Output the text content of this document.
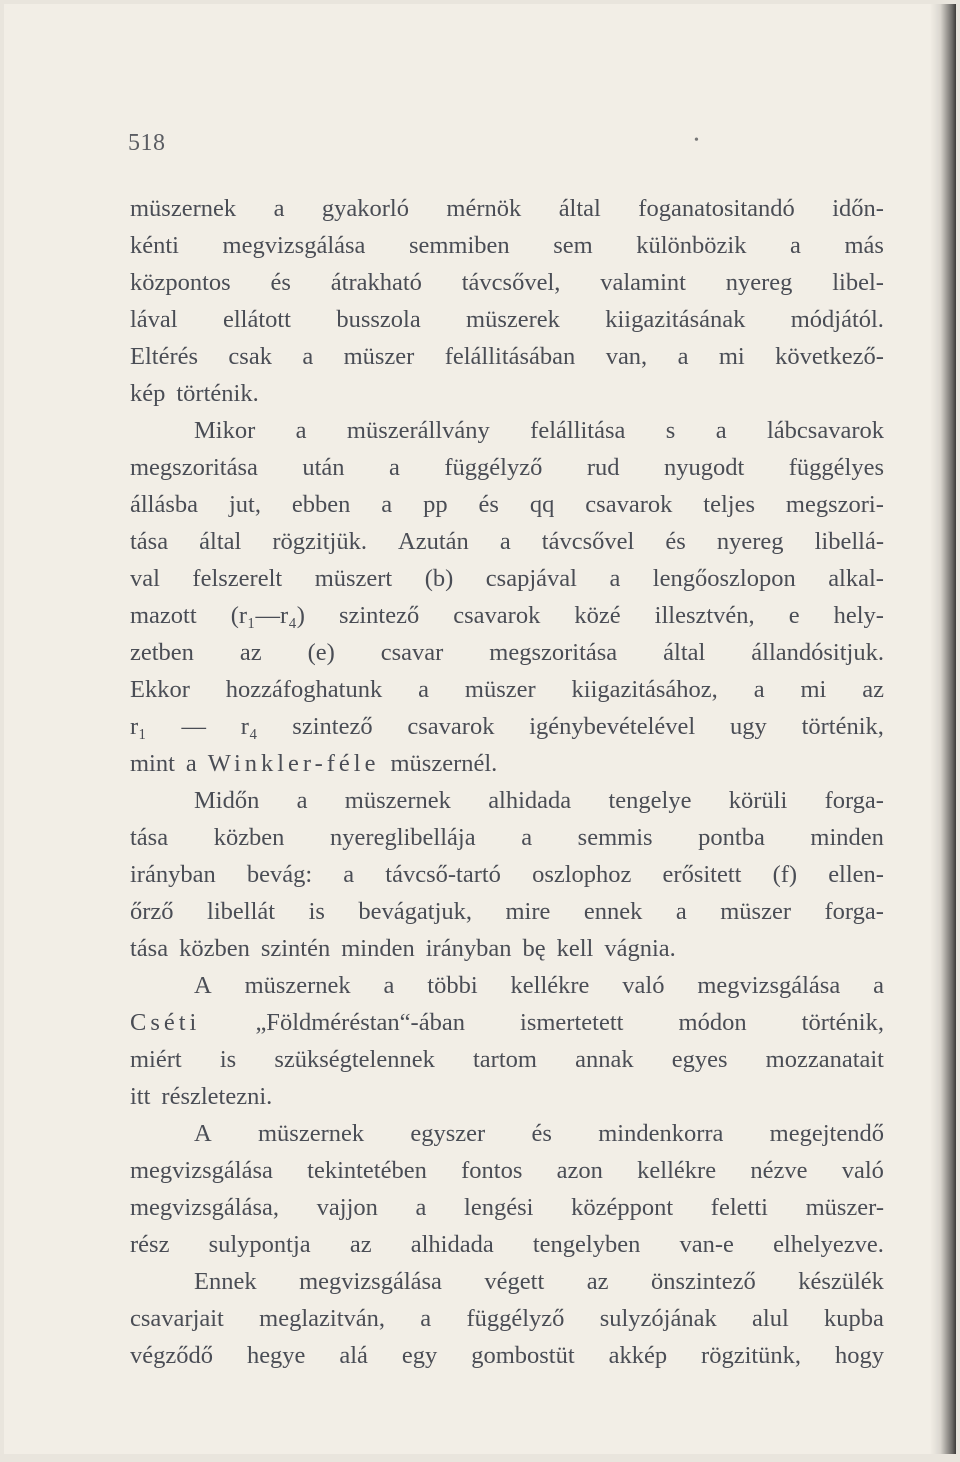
518	•
müszernek a gyakorló mérnök által foganatositandó időn-
kénti megvizsgálása semmiben sem különbözik a más
központos és átrakható távcsővel, valamint nyereg libel-
lával ellátott busszola müszerek kiigazitásának módjától.
Eltérés csak a müszer felállitásában van, a mi következő-
kép történik.
Mikor a müszerállvány felállitása s a lábcsavarok
megszoritása után a függélyző rud nyugodt függélyes
állásba jut, ebben a pp és qq csavarok teljes megszori-
tása által rögzitjük. Azután a távcsővel és nyereg libellá-
val felszerelt müszert (b) csapjával a lengőoszlopon alkal-
mazott (r₁—r₄) szintező csavarok közé illesztvén, e hely-
zetben az (e) csavar megszoritása által állandósitjuk.
Ekkor hozzáfoghatunk a müszer kiigazitásához, a mi az
r₁ — r₄ szintező csavarok igénybevételével ugy történik,
mint a Winkler-féle müszernél.
Midőn a müszernek alhidada tengelye körüli forga-
tása közben nyereglibellája a semmis pontba minden
irányban bevág: a távcső-tartó oszlophoz erősitett (f) ellen-
őrző libellát is bevágatjuk, mire ennek a müszer forga-
tása közben szintén minden irányban bę kell vágnia.
A müszernek a többi kellékre való megvizsgálása a
Cséti „Földméréstan“-ában ismertetett módon történik,
miért is szükségtelennek tartom annak egyes mozzanatait
itt részletezni.
A müszernek egyszer és mindenkorra megejtendő
megvizsgálása tekintetében fontos azon kellékre nézve való
megvizsgálása, vajjon a lengési középpont feletti müszer-
rész sulypontja az alhidada tengelyben van-e elhelyezve.
Ennek megvizsgálása végett az önszintező készülék
csavarjait meglazitván, a függélyző sulyzójának alul kupba
végződő hegye alá egy gombostüt akkép rögzitünk, hogy
